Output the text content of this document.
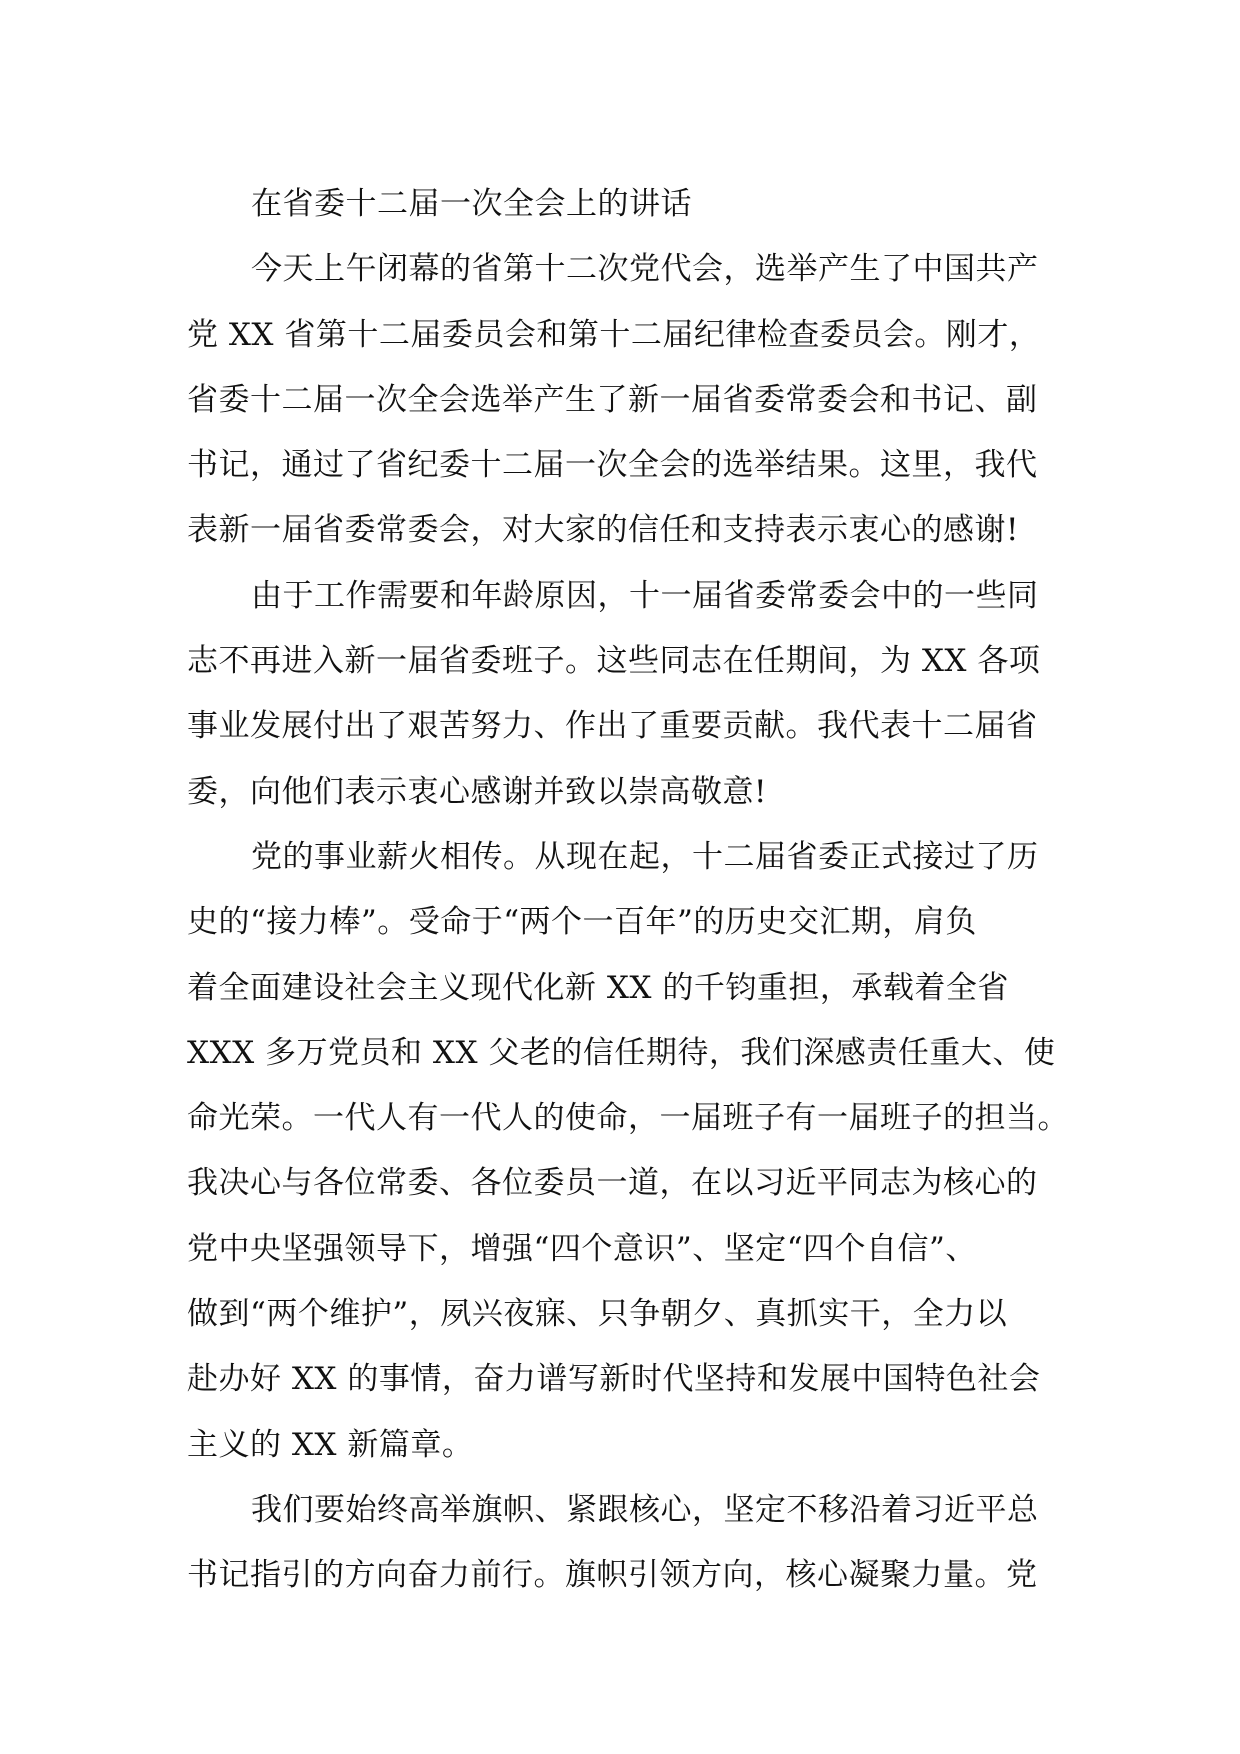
在省委十二届一次全会上的讲话
今天上午闭幕的省第十二次党代会，选举产生了中国共产
党 XX 省第十二届委员会和第十二届纪律检查委员会。刚才，
省委十二届一次全会选举产生了新一届省委常委会和书记、副
书记，通过了省纪委十二届一次全会的选举结果。这里，我代
表新一届省委常委会，对大家的信任和支持表示衷心的感谢!
由于工作需要和年龄原因，十一届省委常委会中的一些同
志不再进入新一届省委班子。这些同志在任期间，为 XX 各项
事业发展付出了艰苦努力、作出了重要贡献。我代表十二届省
委，向他们表示衷心感谢并致以崇高敬意!
党的事业薪火相传。从现在起，十二届省委正式接过了历
史的“接力棒”。受命于“两个一百年”的历史交汇期，肩负
着全面建设社会主义现代化新 XX 的千钧重担，承载着全省
XXX 多万党员和 XX 父老的信任期待，我们深感责任重大、使
命光荣。一代人有一代人的使命，一届班子有一届班子的担当。
我决心与各位常委、各位委员一道，在以习近平同志为核心的
党中央坚强领导下，增强“四个意识”、坚定“四个自信”、
做到“两个维护”，夙兴夜寐、只争朝夕、真抓实干，全力以
赴办好 XX 的事情，奋力谱写新时代坚持和发展中国特色社会
主义的 XX 新篇章。
我们要始终高举旗帜、紧跟核心，坚定不移沿着习近平总
书记指引的方向奋力前行。旗帜引领方向，核心凝聚力量。党
